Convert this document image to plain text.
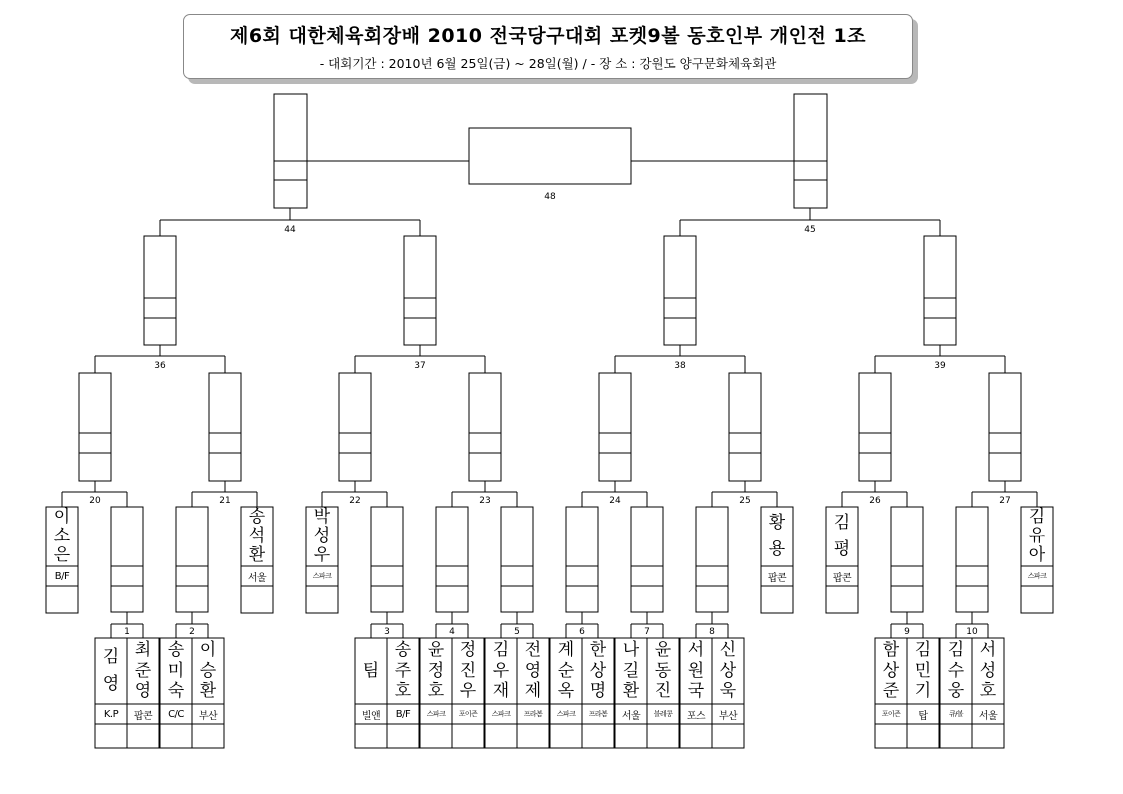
제6회 대한체육회장배 2010 전국당구대회 포켓9볼 동호인부 개인전 1조
- 대회기간 : 2010년 6월 25일(금) ~ 28일(월) / - 장 소 : 강원도 양구문화체육회관
48
44	45
36	37	38	39
20	21	22	23	24	25	26	27
1	2	3	4	5	6	7	8	9	10
이
소
은
B/F
송
석
환
서울
박
성
우
스파크
황
용
팝콘
김
평
팝콘
김
유
아
스파크
김
영
K.P
최
준
영
팝콘
송
미
숙
C/C
이
승
환
부산
팀
빌앤
송
주
호
B/F
윤
정
호
스파크
정
진
우
포이즌
김
우
재
스파크
전
영
제
프라봄
계
순
옥
스파크
한
상
명
프라봄
나
길
환
서울
윤
동
진
블레콩
서
원
국
포스
신
상
욱
부산
함
상
준
포이즌
김
민
기
탑
김
수
웅
큐/볼
서
성
호
서울
